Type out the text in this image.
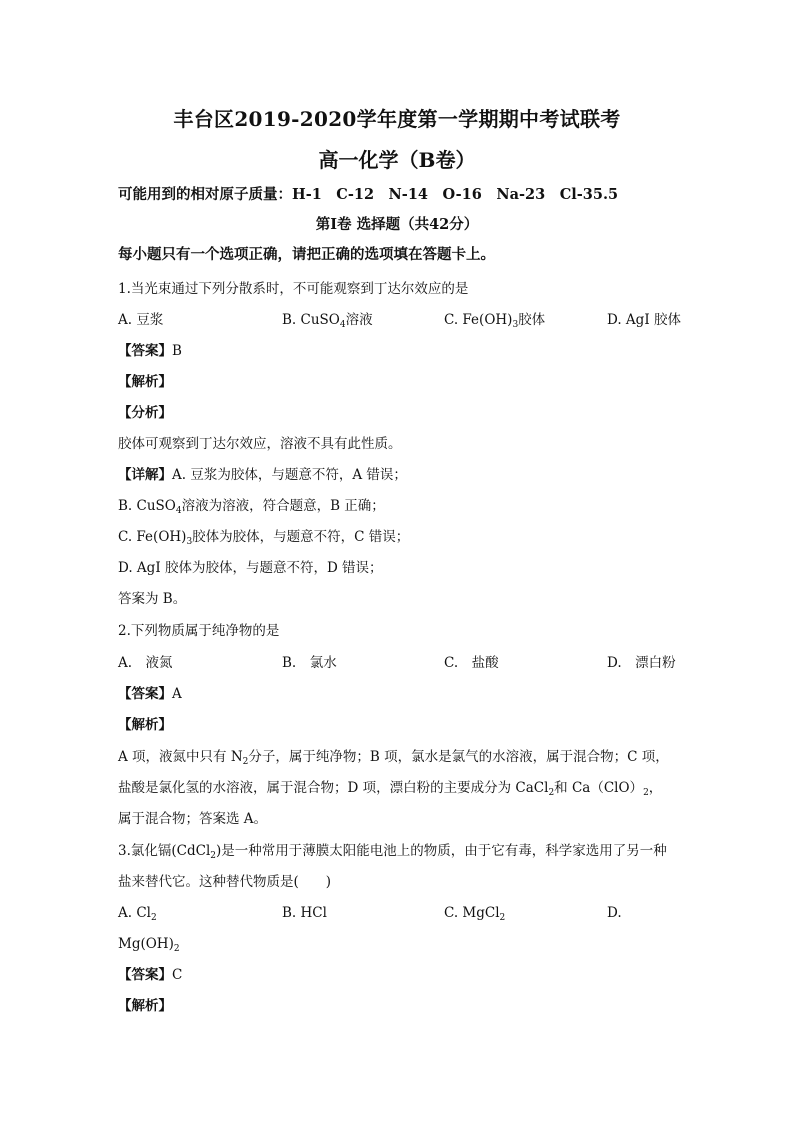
丰台区2019-2020学年度第一学期期中考试联考
高一化学（B卷）
可能用到的相对原子质量：H-1　C-12　N-14　O-16　Na-23　Cl-35.5
第Ⅰ卷 选择题（共42分）
每小题只有一个选项正确，请把正确的选项填在答题卡上。
1.当光束通过下列分散系时，不可能观察到丁达尔效应的是
A. 豆浆	B. CuSO$_4$溶液	C. $Fe(OH)_3$胶体	D. AgI 胶体
【答案】B
【解析】
【分析】
胶体可观察到丁达尔效应，溶液不具有此性质。
【详解】A. 豆浆为胶体，与题意不符，A 错误；
B. CuSO$_4$溶液为溶液，符合题意，B 正确；
C. $Fe(OH)_3$胶体为胶体，与题意不符，C 错误；
D. AgI 胶体为胶体，与题意不符，D 错误；
答案为 B。
2.下列物质属于纯净物的是
A.　液氮	B.　氯水	C.　盐酸	D.　漂白粉
【答案】A
【解析】
A 项，液氮中只有 $N_2$分子，属于纯净物；B 项，氯水是氯气的水溶液，属于混合物；C 项，
盐酸是氯化氢的水溶液，属于混合物；D 项，漂白粉的主要成分为 CaCl$_2$和 $Ca(ClO)_2$，
属于混合物；答案选 A。
3.氯化镉(CdCl$_2$)是一种常用于薄膜太阳能电池上的物质，由于它有毒，科学家选用了另一种
盐来替代它。这种替代物质是(　　)
A. $Cl_2$	B. HCl	C. MgCl$_2$	D.
$Mg(OH)_2$
【答案】C
【解析】
